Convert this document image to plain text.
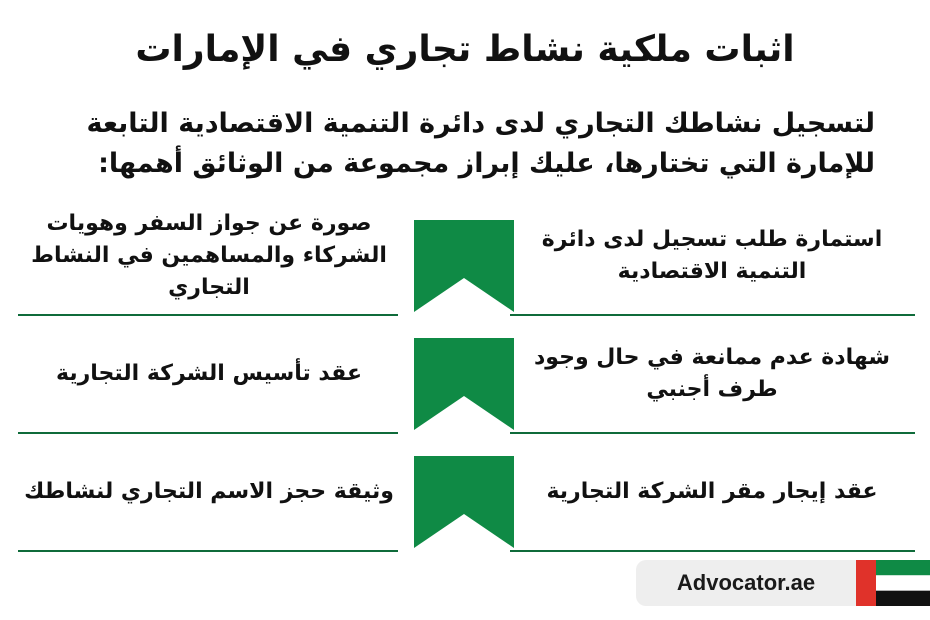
اثبات ملكية نشاط تجاري في الإمارات
لتسجيل نشاطك التجاري لدى دائرة التنمية الاقتصادية التابعة
للإمارة التي تختارها، عليك إبراز مجموعة من الوثائق أهمها:
استمارة طلب تسجيل لدى دائرة التنمية الاقتصادية
صورة عن جواز السفر وهويات الشركاء والمساهمين في النشاط التجاري
شهادة عدم ممانعة في حال وجود طرف أجنبي
عقد تأسيس الشركة التجارية
عقد إيجار مقر الشركة التجارية
وثيقة حجز الاسم التجاري لنشاطك
Advocator.ae
